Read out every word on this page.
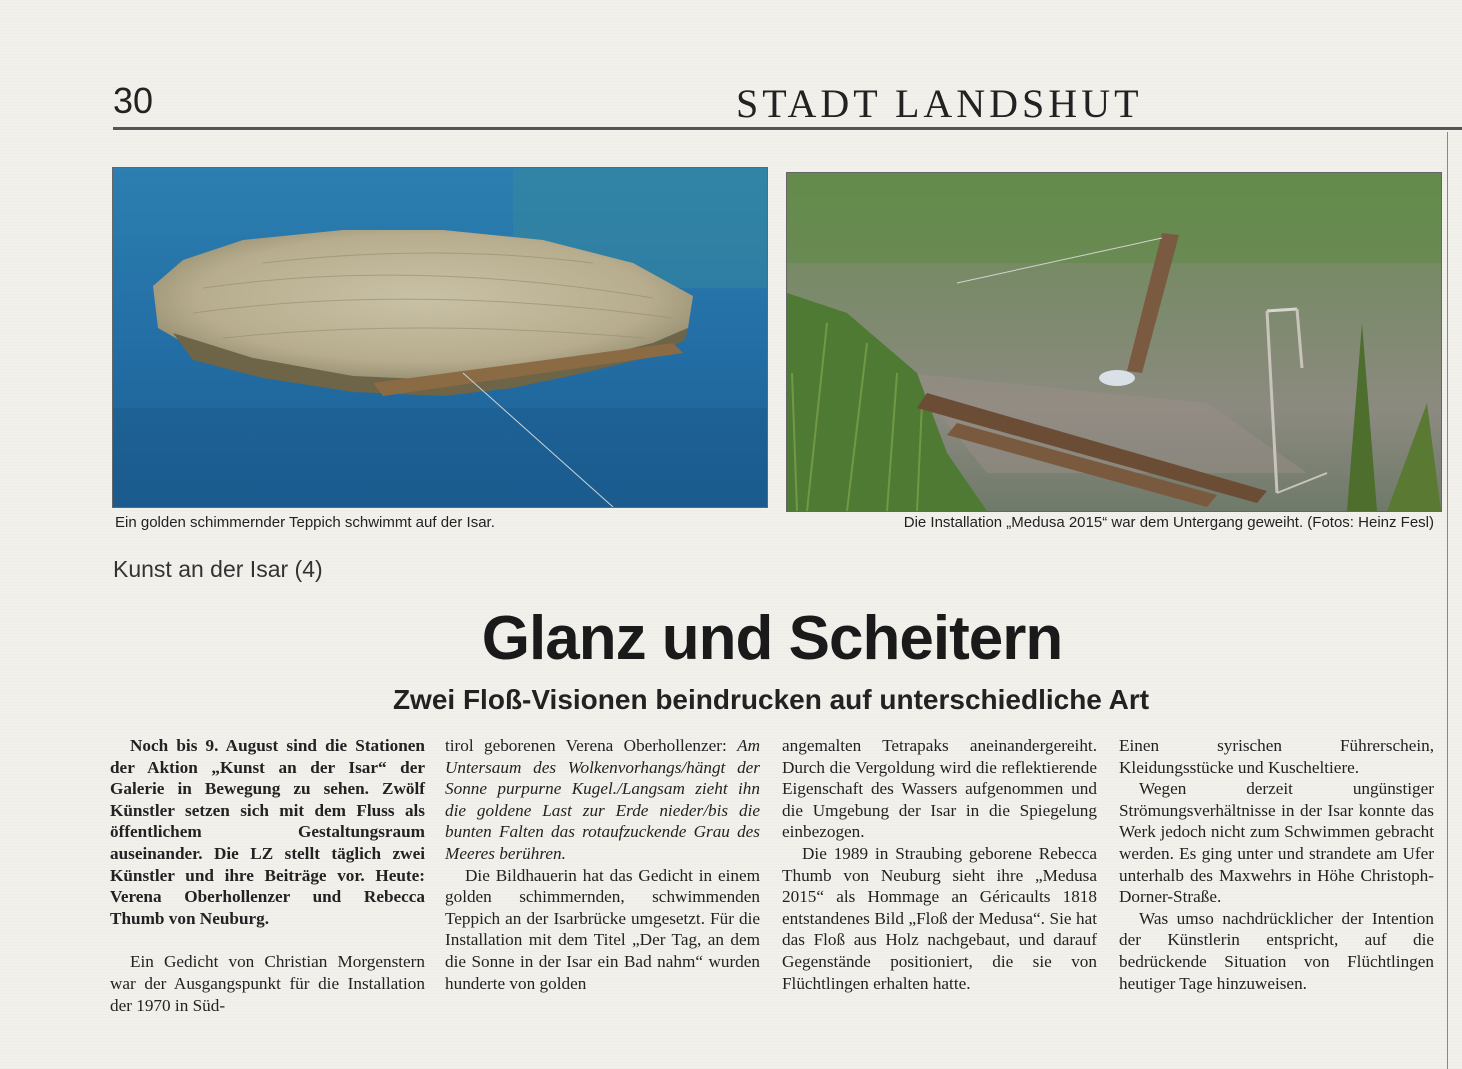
30	STADT LANDSHUT
Ein golden schimmernder Teppich schwimmt auf der Isar.	Die Installation „Medusa 2015“ war dem Untergang geweiht. (Fotos: Heinz Fesl)
Kunst an der Isar (4)
Glanz und Scheitern
Zwei Floß-Visionen beindrucken auf unterschiedliche Art

Noch bis 9. August sind die Stationen der Aktion „Kunst an der Isar“ der Galerie in Bewegung zu sehen. Zwölf Künstler setzen sich mit dem Fluss als öffentlichem Gestaltungsraum auseinander. Die LZ stellt täglich zwei Künstler und ihre Beiträge vor. Heute: Verena Oberhollenzer und Rebecca Thumb von Neuburg.

Ein Gedicht von Christian Morgenstern war der Ausgangspunkt für die Installation der 1970 in Süd-

tirol geborenen Verena Oberhollenzer: Am Untersaum des Wolkenvorhangs/hängt der Sonne purpurne Kugel./Langsam zieht ihn die goldene Last zur Erde nieder/bis die bunten Falten das rotaufzuckende Grau des Meeres berühren.

Die Bildhauerin hat das Gedicht in einem golden schimmernden, schwimmenden Teppich an der Isarbrücke umgesetzt. Für die Installation mit dem Titel „Der Tag, an dem die Sonne in der Isar ein Bad nahm“ wurden hunderte von golden

angemalten Tetrapaks aneinandergereiht. Durch die Vergoldung wird die reflektierende Eigenschaft des Wassers aufgenommen und die Umgebung der Isar in die Spiegelung einbezogen.

Die 1989 in Straubing geborene Rebecca Thumb von Neuburg sieht ihre „Medusa 2015“ als Hommage an Géricaults 1818 entstandenes Bild „Floß der Medusa“. Sie hat das Floß aus Holz nachgebaut, und darauf Gegenstände positioniert, die sie von Flüchtlingen erhalten hatte.

Einen syrischen Führerschein, Kleidungsstücke und Kuscheltiere.

Wegen derzeit ungünstiger Strömungsverhältnisse in der Isar konnte das Werk jedoch nicht zum Schwimmen gebracht werden. Es ging unter und strandete am Ufer unterhalb des Maxwehrs in Höhe Christoph-Dorner-Straße.

Was umso nachdrücklicher der Intention der Künstlerin entspricht, auf die bedrückende Situation von Flüchtlingen heutiger Tage hinzuweisen.
